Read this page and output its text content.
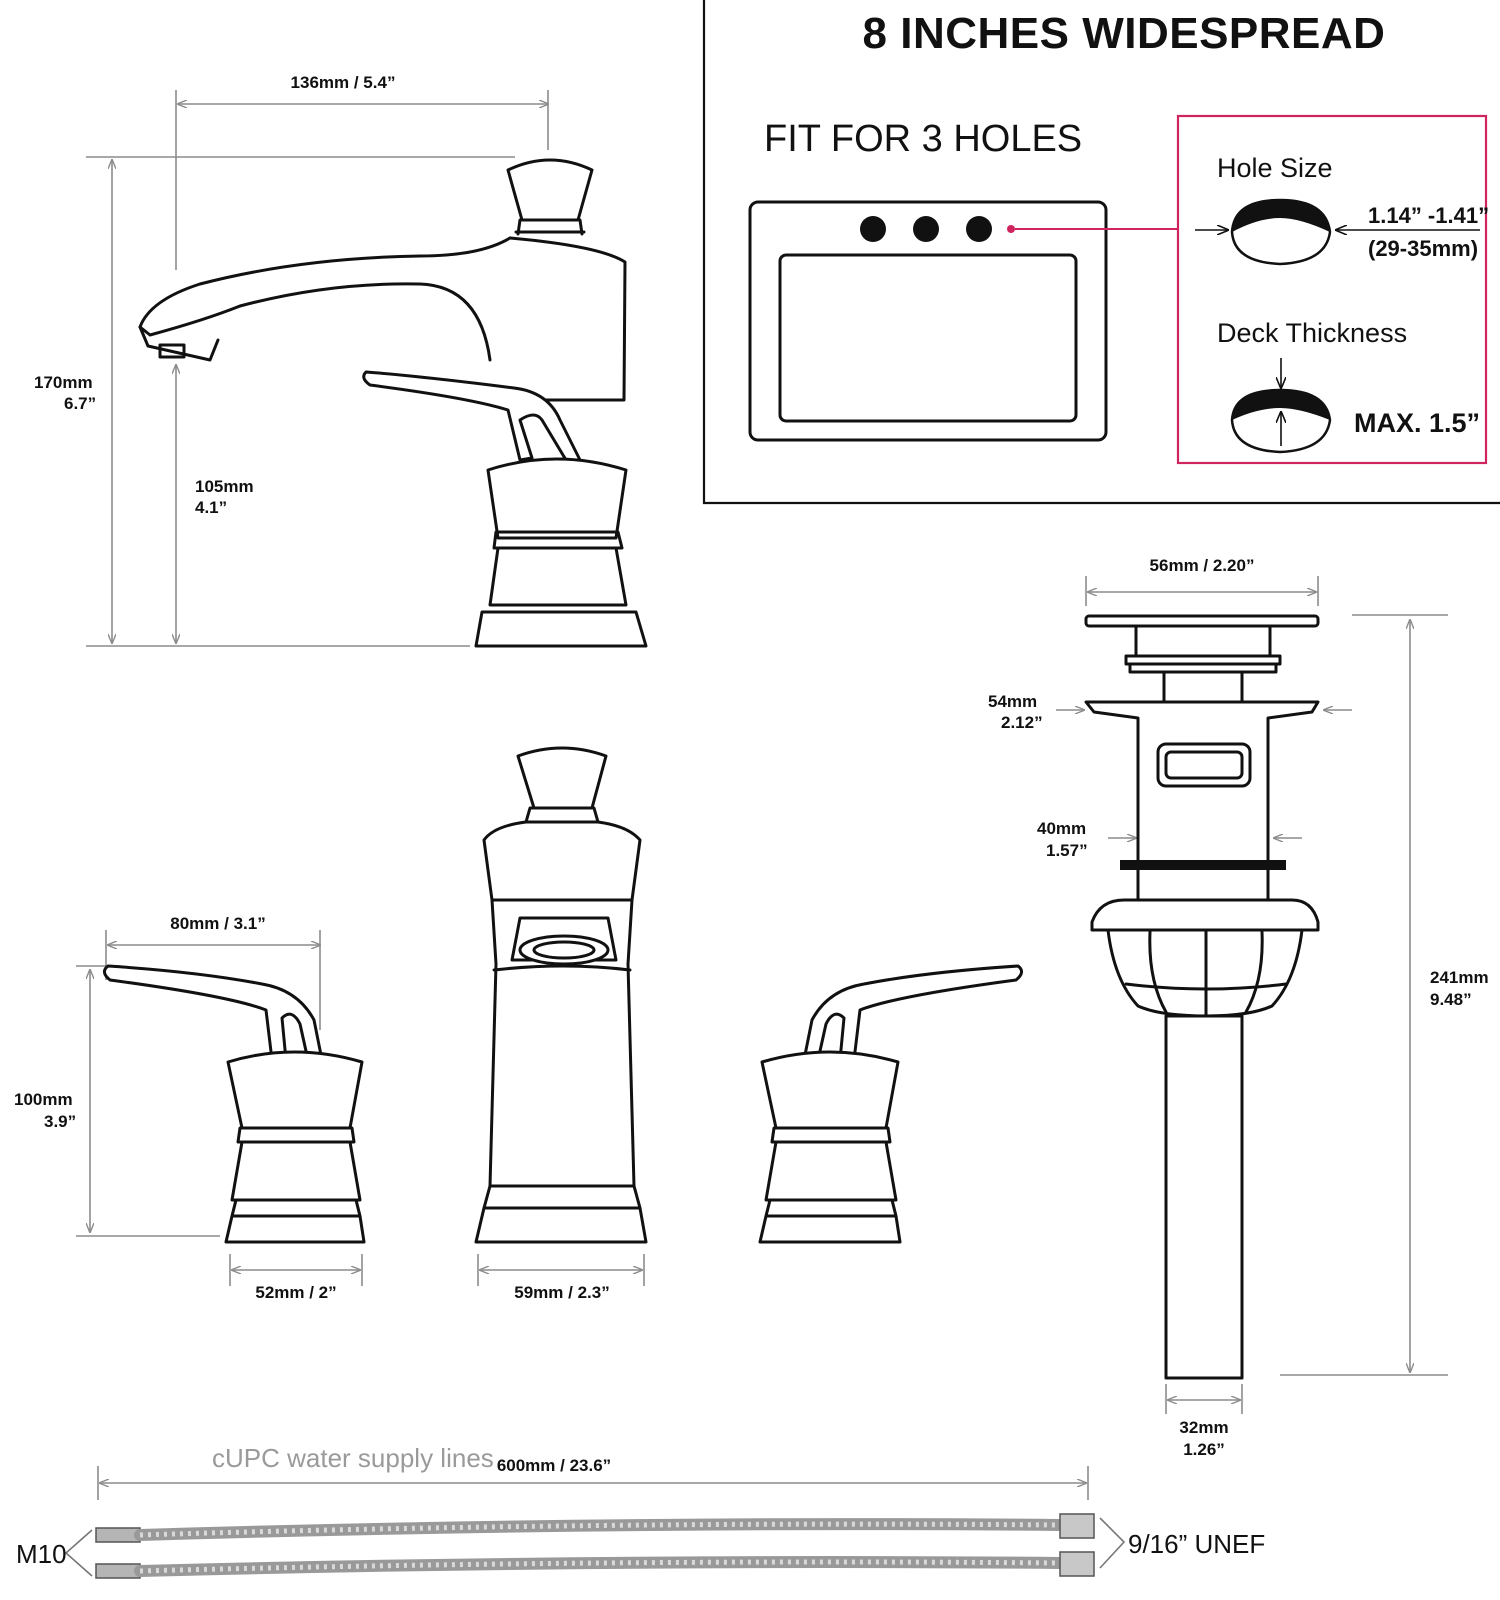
136mm / 5.4”
170mm
6.7”
105mm
4.1”
8 INCHES WIDESPREAD
FIT FOR 3 HOLES
Hole Size
1.14” -1.41”
(29-35mm)
Deck Thickness
MAX. 1.5”
80mm / 3.1”
100mm
3.9”
52mm / 2”	59mm / 2.3”
56mm / 2.20”
54mm
2.12”
40mm
1.57”
241mm
9.48”
32mm
1.26”
cUPC water supply lines 600mm / 23.6”
M10	9/16” UNEF
